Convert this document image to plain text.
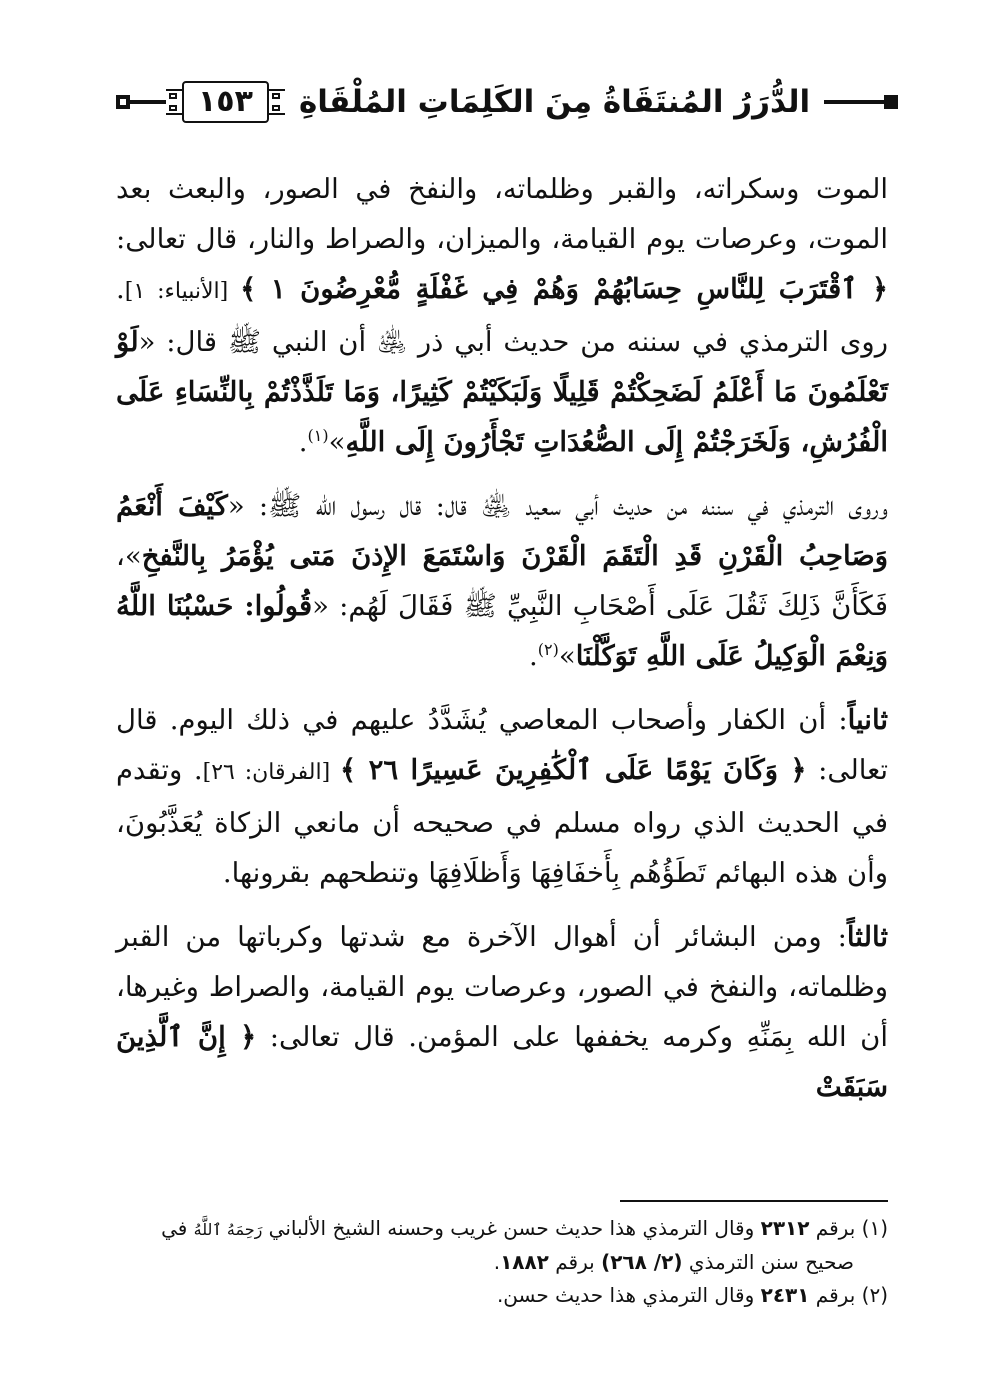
١٥٣	الدُّرَرُ المُنتَقَاةُ مِنَ الكَلِمَاتِ المُلْقَاةِ

الموت وسكراته، والقبر وظلماته، والنفخ في الصور، والبعث بعد الموت، وعرصات يوم القيامة، والميزان، والصراط والنار، قال تعالى: ﴿ ٱقْتَرَبَ لِلنَّاسِ حِسَابُهُمْ وَهُمْ فِي غَفْلَةٍ مُّعْرِضُونَ ١ ﴾ [الأنبياء: ١]. روى الترمذي في سننه من حديث أبي ذر ﵁ أن النبي ﷺ قال: «لَوْ تَعْلَمُونَ مَا أَعْلَمُ لَضَحِكْتُمْ قَلِيلًا وَلَبَكَيْتُمْ كَثِيرًا، وَمَا تَلَذَّذْتُمْ بِالنِّسَاءِ عَلَى الْفُرُشِ، وَلَخَرَجْتُمْ إِلَى الصُّعُدَاتِ تَجْأَرُونَ إِلَى اللَّهِ»$^{(١)}$.

وروى الترمذي في سننه من حديث أبي سعيد ﵁ قال: قال رسول الله ﷺ: «كَيْفَ أَنْعَمُ وَصَاحِبُ الْقَرْنِ قَدِ الْتَقَمَ الْقَرْنَ وَاسْتَمَعَ الإِذنَ مَتى يُؤْمَرُ بِالنَّفخِ»، فَكَأَنَّ ذَلِكَ ثَقُلَ عَلَى أَصْحَابِ النَّبِيِّ ﷺ فَقَالَ لَهُم: «قُولُوا: حَسْبُنَا اللَّهُ وَنِعْمَ الْوَكِيلُ عَلَى اللَّهِ تَوَكَّلْنَا»$^{(٢)}$.

ثانياً: أن الكفار وأصحاب المعاصي يُشَدَّدُ عليهم في ذلك اليوم. قال تعالى: ﴿ وَكَانَ يَوْمًا عَلَى ٱلْكَٰفِرِينَ عَسِيرًا ٢٦ ﴾ [الفرقان: ٢٦]. وتقدم في الحديث الذي رواه مسلم في صحيحه أن مانعي الزكاة يُعَذَّبُونَ، وأن هذه البهائم تَطَؤُهُم بِأَخفَافِهَا وَأَظلَافِهَا وتنطحهم بقرونها.

ثالثاً: ومن البشائر أن أهوال الآخرة مع شدتها وكرباتها من القبر وظلماته، والنفخ في الصور، وعرصات يوم القيامة، والصراط وغيرها، أن الله بِمَنِّهِ وكرمه يخففها على المؤمن. قال تعالى: ﴿ إِنَّ ٱلَّذِينَ سَبَقَتْ

(١) برقم ٢٣١٢ وقال الترمذي هذا حديث حسن غريب وحسنه الشيخ الألباني رَحِمَهُ ٱللَّهُ في
صحيح سنن الترمذي (٢/ ٢٦٨) برقم ١٨٨٢.

(٢) برقم ٢٤٣١ وقال الترمذي هذا حديث حسن.
